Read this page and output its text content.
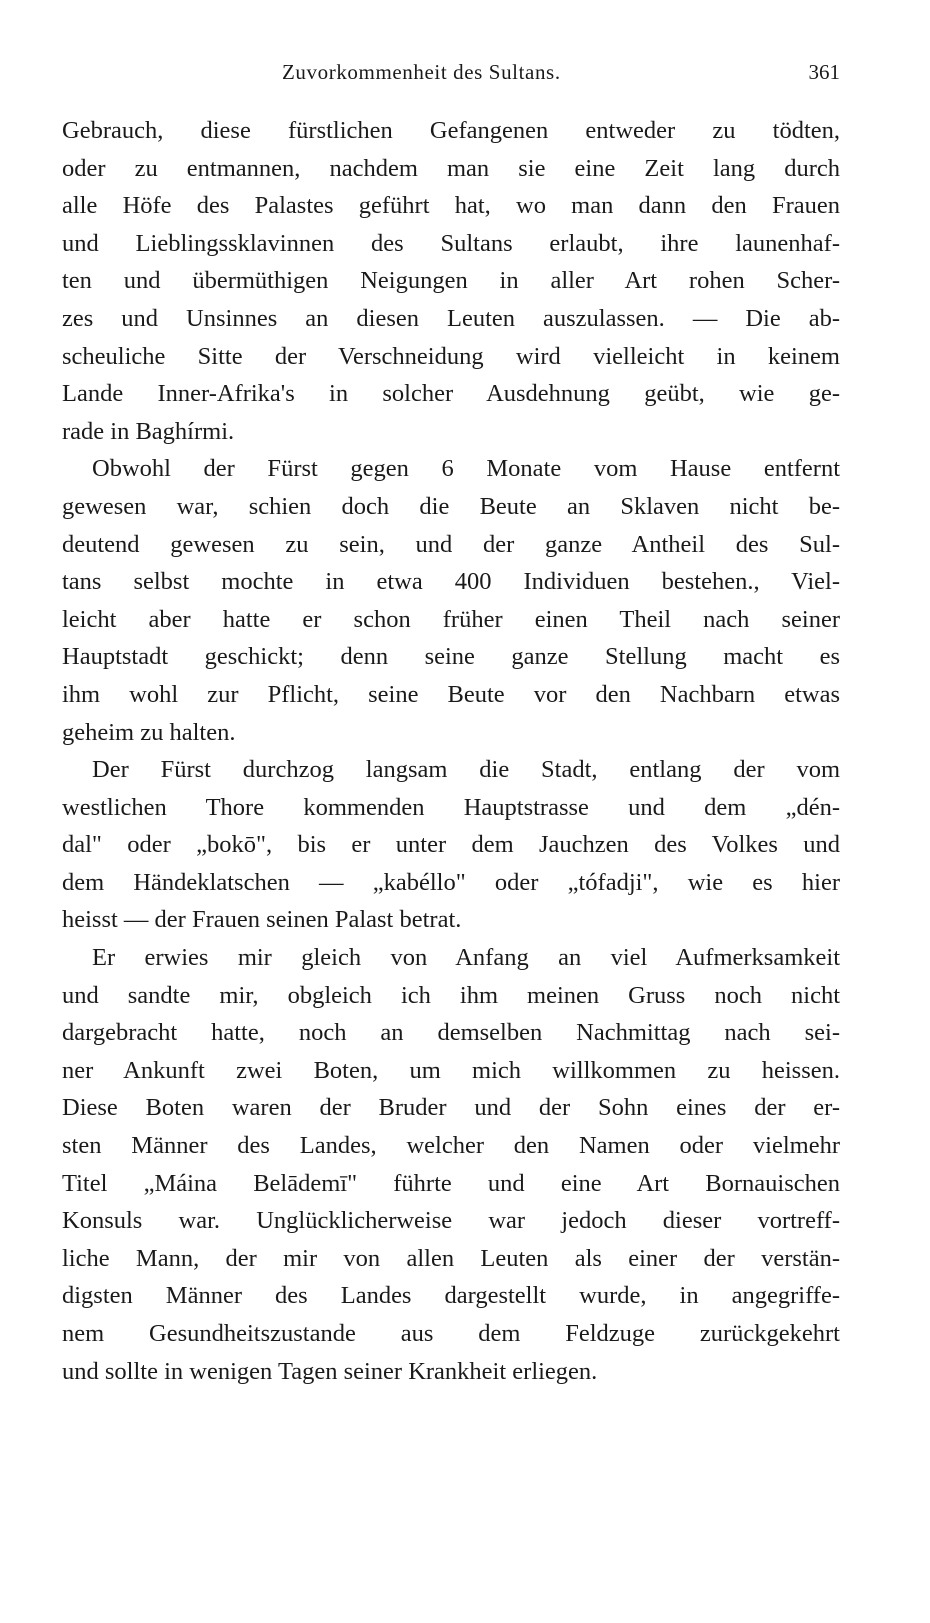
Zuvorkommenheit des Sultans.	361
Gebrauch, diese fürstlichen Gefangenen entweder zu tödten,
oder zu entmannen, nachdem man sie eine Zeit lang durch
alle Höfe des Palastes geführt hat, wo man dann den Frauen
und Lieblingssklavinnen des Sultans erlaubt, ihre launenhaf-
ten und übermüthigen Neigungen in aller Art rohen Scher-
zes und Unsinnes an diesen Leuten auszulassen. — Die ab-
scheuliche Sitte der Verschneidung wird vielleicht in keinem
Lande Inner-Afrika's in solcher Ausdehnung geübt, wie ge-
rade in Baghírmi.
Obwohl der Fürst gegen 6 Monate vom Hause entfernt
gewesen war, schien doch die Beute an Sklaven nicht be-
deutend gewesen zu sein, und der ganze Antheil des Sul-
tans selbst mochte in etwa 400 Individuen bestehen., Viel-
leicht aber hatte er schon früher einen Theil nach seiner
Hauptstadt geschickt; denn seine ganze Stellung macht es
ihm wohl zur Pflicht, seine Beute vor den Nachbarn etwas
geheim zu halten.
Der Fürst durchzog langsam die Stadt, entlang der vom
westlichen Thore kommenden Hauptstrasse und dem „dén-
dal" oder „bokō", bis er unter dem Jauchzen des Volkes und
dem Händeklatschen — „kabéllo" oder „tófadji", wie es hier
heisst — der Frauen seinen Palast betrat.
Er erwies mir gleich von Anfang an viel Aufmerksamkeit
und sandte mir, obgleich ich ihm meinen Gruss noch nicht
dargebracht hatte, noch an demselben Nachmittag nach sei-
ner Ankunft zwei Boten, um mich willkommen zu heissen.
Diese Boten waren der Bruder und der Sohn eines der er-
sten Männer des Landes, welcher den Namen oder vielmehr
Titel „Máina Belādemī" führte und eine Art Bornauischen
Konsuls war. Unglücklicherweise war jedoch dieser vortreff-
liche Mann, der mir von allen Leuten als einer der verstän-
digsten Männer des Landes dargestellt wurde, in angegriffe-
nem Gesundheitszustande aus dem Feldzuge zurückgekehrt
und sollte in wenigen Tagen seiner Krankheit erliegen.
